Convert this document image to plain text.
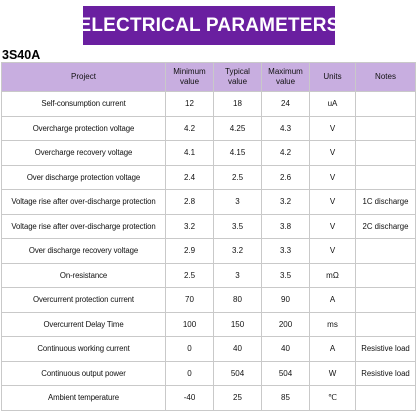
ELECTRICAL PARAMETERS
3S40A
Project	Minimum value	Typical value	Maximum value	Units	Notes
Self-consumption current	12	18	24	uA	
Overcharge protection voltage	4.2	4.25	4.3	V	
Overcharge recovery voltage	4.1	4.15	4.2	V	
Over discharge protection voltage	2.4	2.5	2.6	V	
Voltage rise after over-discharge protection	2.8	3	3.2	V	1C discharge
Voltage rise after over-discharge protection	3.2	3.5	3.8	V	2C discharge
Over discharge recovery voltage	2.9	3.2	3.3	V	
On-resistance	2.5	3	3.5	mΩ	
Overcurrent protection current	70	80	90	A	
Overcurrent Delay Time	100	150	200	ms	
Continuous working current	0	40	40	A	Resistive load
Continuous output power	0	504	504	W	Resistive load
Ambient temperature	-40	25	85	℃	
